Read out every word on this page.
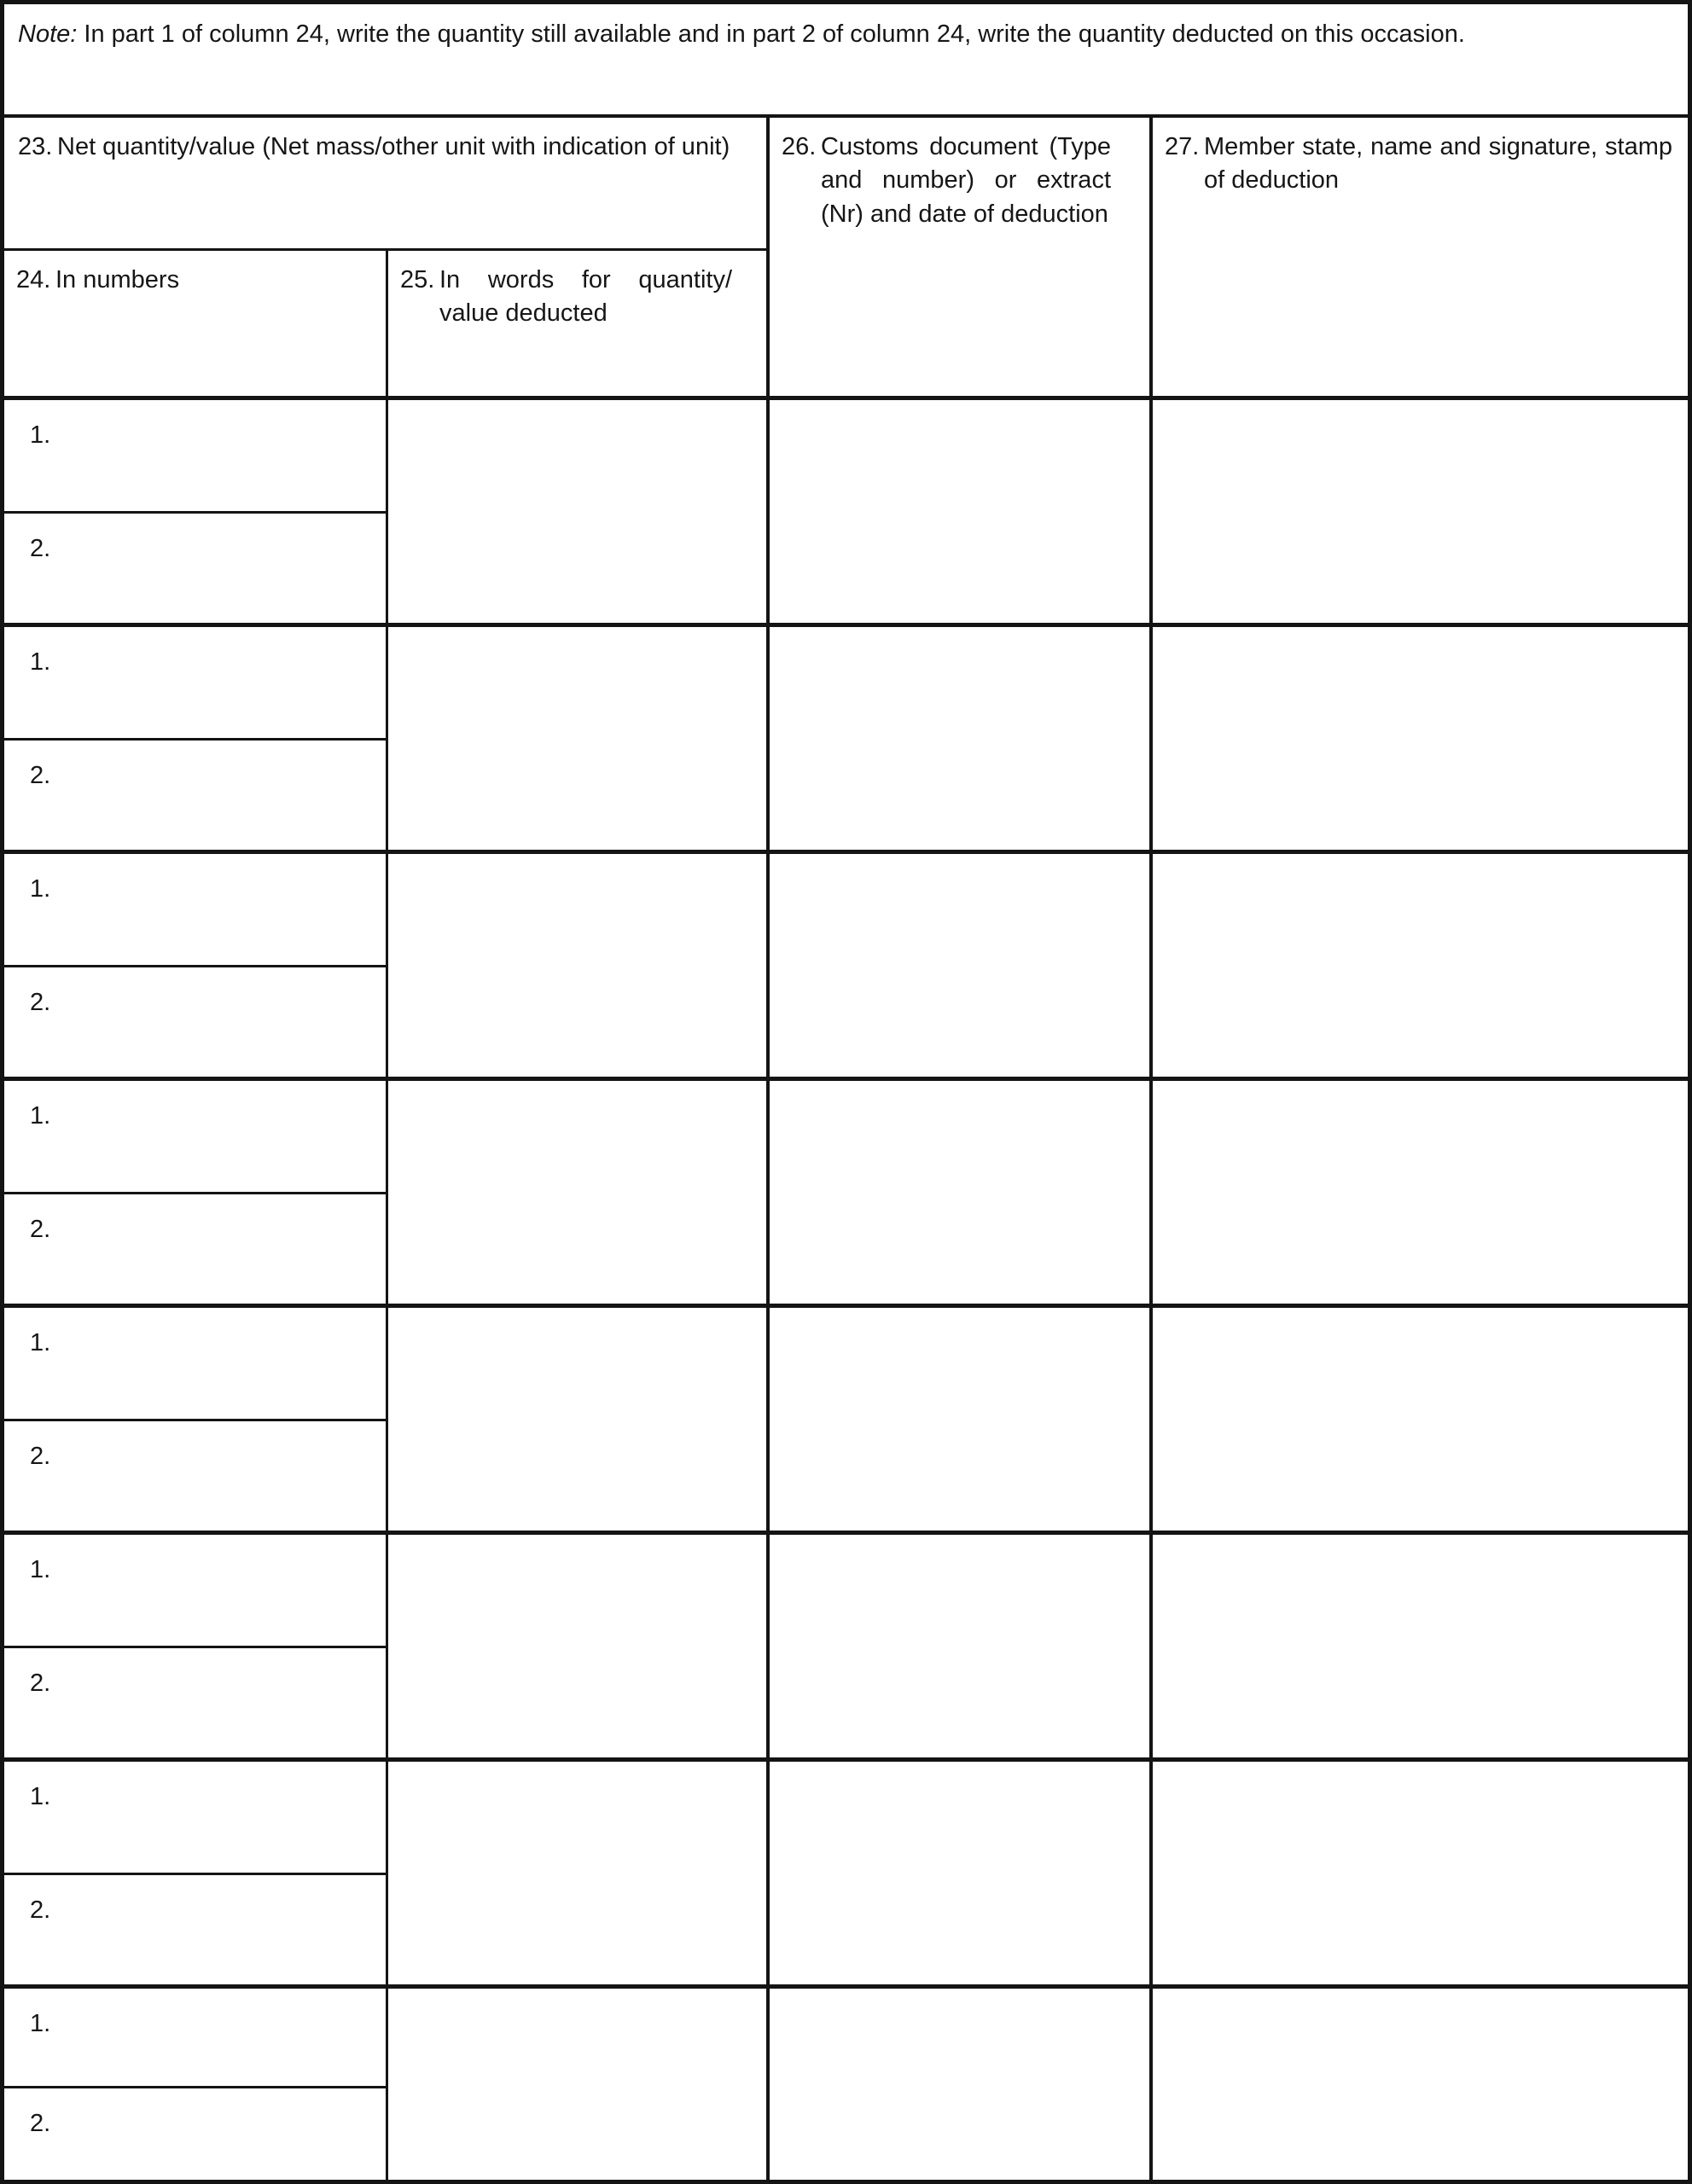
Note: In part 1 of column 24, write the quantity still available and in part 2 of column 24, write the quantity deducted on this occasion.
23. Net quantity/value (Net mass/other unit with indication of unit)
24. In numbers	25. In words for quantity/ value deducted
26. Customs document (Type and number) or extract (Nr) and date of deduction
27. Member state, name and signature, stamp of deduction
1.
2.
1.
2.
1.
2.
1.
2.
1.
2.
1.
2.
1.
2.
1.
2.
